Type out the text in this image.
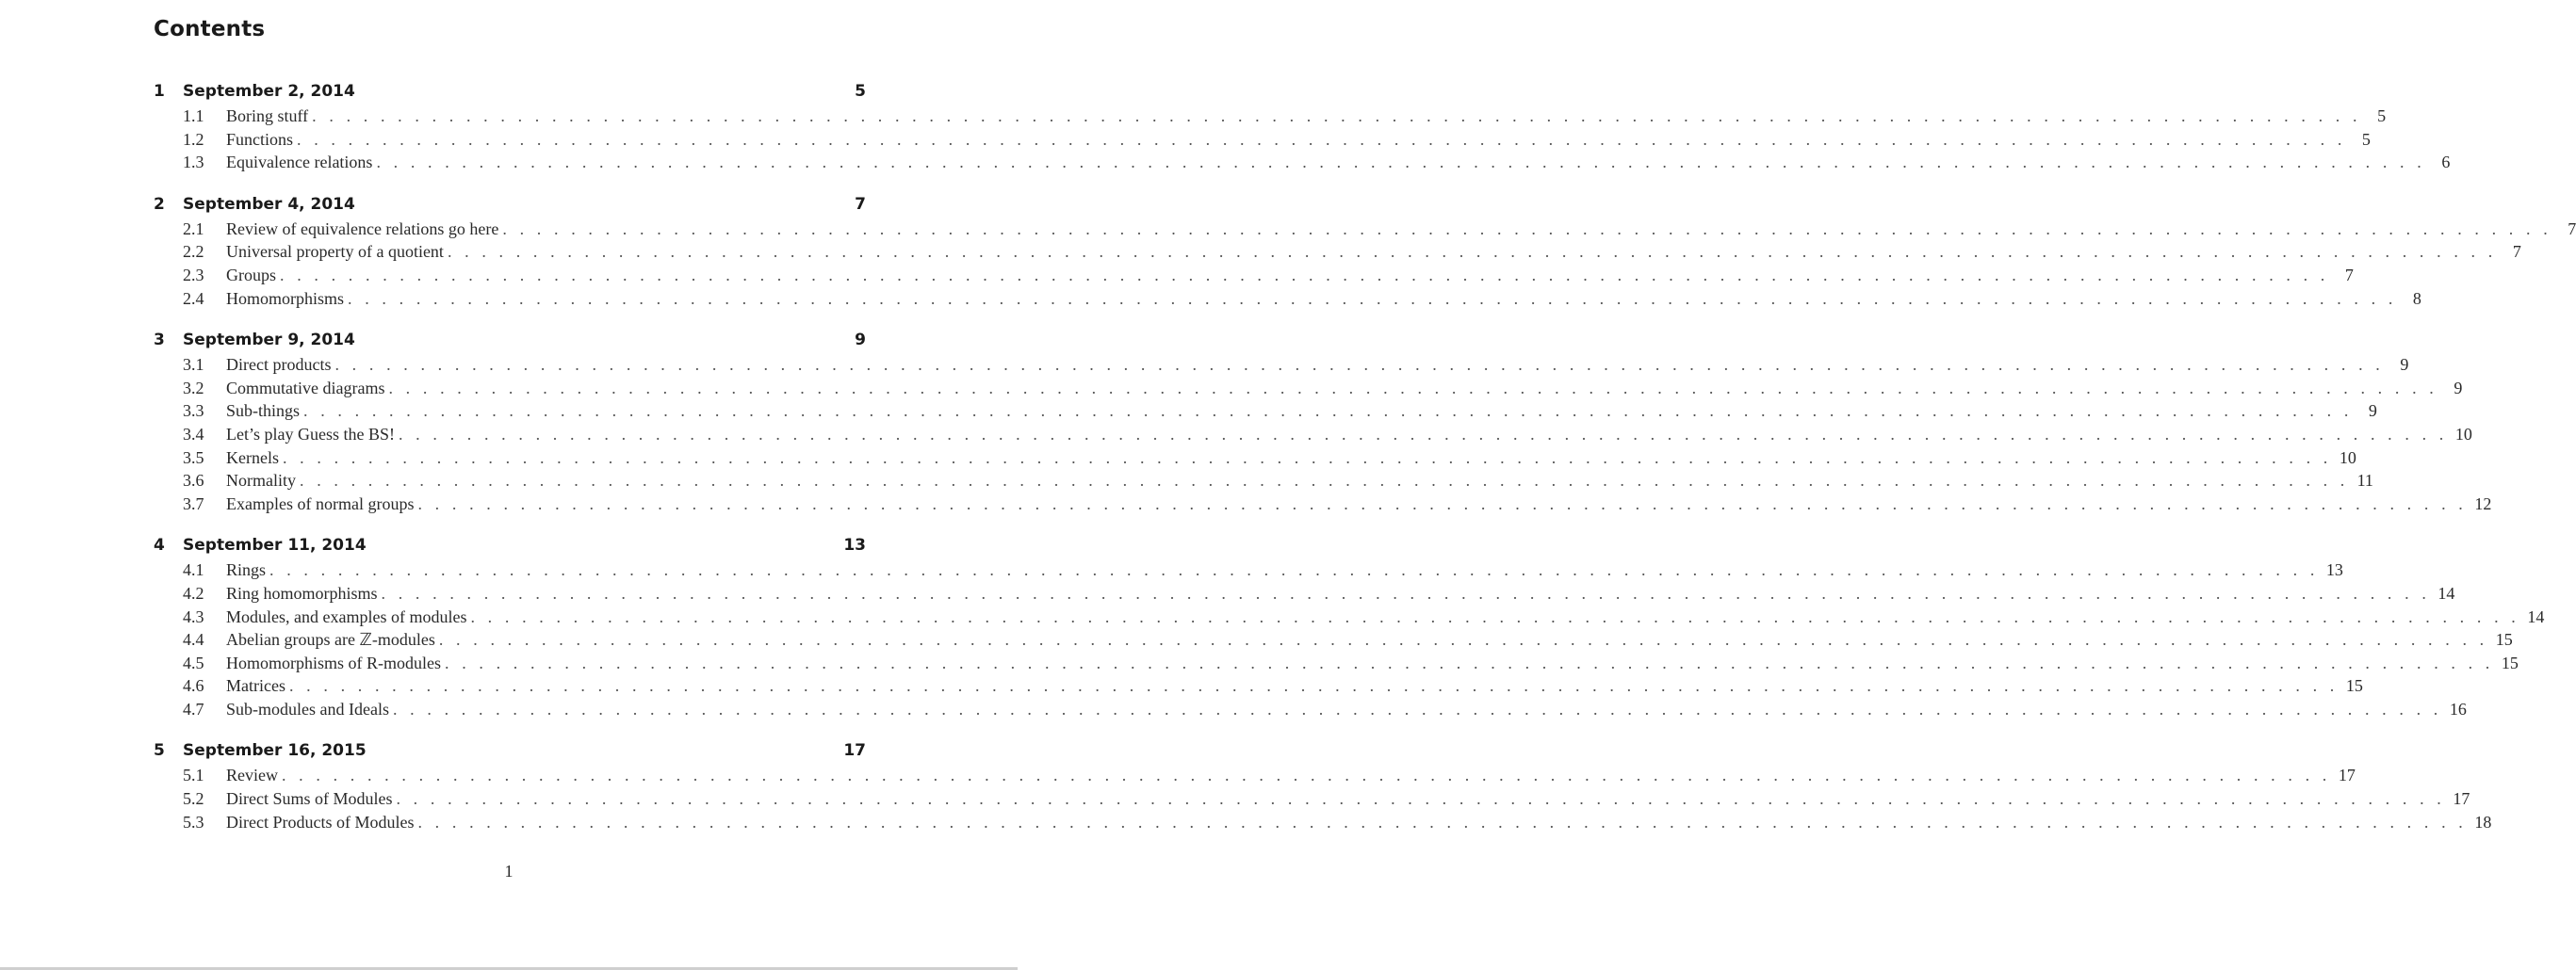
Contents
1	September 2, 2014	5
1.1	Boring stuff . . . . . . . . . . . . . . . . . . . . . . . . . . . . . . . . . . . . . . . . . . . . . . . . . . . . . . . . . . . . . . . . . . . . . . . . . . . . . . . . . . . . . . . . . . . . . . . . . . . . . . . . . . . . . . . . . . . . . . . . 5
1.2	Functions . . . . . . . . . . . . . . . . . . . . . . . . . . . . . . . . . . . . . . . . . . . . . . . . . . . . . . . . . . . . . . . . . . . . . . . . . . . . . . . . . . . . . . . . . . . . . . . . . . . . . . . . . . . . . . . . . . . . . . . . 5
1.3	Equivalence relations . . . . . . . . . . . . . . . . . . . . . . . . . . . . . . . . . . . . . . . . . . . . . . . . . . . . . . . . . . . . . . . . . . . . . . . . . . . . . . . . . . . . . . . . . . . . . . . . . . . . . . . . . . . . . . . . . . . . . . . . 6
2	September 4, 2014	7
2.1	Review of equivalence relations go here . . . . . . . . . . . . . . . . . . . . . . . . . . . . . . . . . . . . . . . . . . . . . . . . . . . . . . . . . . . . . . . . . . . . . . . . . . . . . . . . . . . . . . . . . . . . . . . . . . . . . . . . . . . . . . . . . . . . . . . . 7
2.2	Universal property of a quotient . . . . . . . . . . . . . . . . . . . . . . . . . . . . . . . . . . . . . . . . . . . . . . . . . . . . . . . . . . . . . . . . . . . . . . . . . . . . . . . . . . . . . . . . . . . . . . . . . . . . . . . . . . . . . . . . . . . . . . . . 7
2.3	Groups . . . . . . . . . . . . . . . . . . . . . . . . . . . . . . . . . . . . . . . . . . . . . . . . . . . . . . . . . . . . . . . . . . . . . . . . . . . . . . . . . . . . . . . . . . . . . . . . . . . . . . . . . . . . . . . . . . . . . . . . 7
2.4	Homomorphisms . . . . . . . . . . . . . . . . . . . . . . . . . . . . . . . . . . . . . . . . . . . . . . . . . . . . . . . . . . . . . . . . . . . . . . . . . . . . . . . . . . . . . . . . . . . . . . . . . . . . . . . . . . . . . . . . . . . . . . . . 8
3	September 9, 2014	9
3.1	Direct products . . . . . . . . . . . . . . . . . . . . . . . . . . . . . . . . . . . . . . . . . . . . . . . . . . . . . . . . . . . . . . . . . . . . . . . . . . . . . . . . . . . . . . . . . . . . . . . . . . . . . . . . . . . . . . . . . . . . . . . . 9
3.2	Commutative diagrams . . . . . . . . . . . . . . . . . . . . . . . . . . . . . . . . . . . . . . . . . . . . . . . . . . . . . . . . . . . . . . . . . . . . . . . . . . . . . . . . . . . . . . . . . . . . . . . . . . . . . . . . . . . . . . . . . . . . . . . . 9
3.3	Sub-things . . . . . . . . . . . . . . . . . . . . . . . . . . . . . . . . . . . . . . . . . . . . . . . . . . . . . . . . . . . . . . . . . . . . . . . . . . . . . . . . . . . . . . . . . . . . . . . . . . . . . . . . . . . . . . . . . . . . . . . . 9
3.4	Let’s play Guess the BS! . . . . . . . . . . . . . . . . . . . . . . . . . . . . . . . . . . . . . . . . . . . . . . . . . . . . . . . . . . . . . . . . . . . . . . . . . . . . . . . . . . . . . . . . . . . . . . . . . . . . . . . . . . . . . . . . . . . . . . . . 10
3.5	Kernels . . . . . . . . . . . . . . . . . . . . . . . . . . . . . . . . . . . . . . . . . . . . . . . . . . . . . . . . . . . . . . . . . . . . . . . . . . . . . . . . . . . . . . . . . . . . . . . . . . . . . . . . . . . . . . . . . . . . . . . . 10
3.6	Normality . . . . . . . . . . . . . . . . . . . . . . . . . . . . . . . . . . . . . . . . . . . . . . . . . . . . . . . . . . . . . . . . . . . . . . . . . . . . . . . . . . . . . . . . . . . . . . . . . . . . . . . . . . . . . . . . . . . . . . . . 11
3.7	Examples of normal groups . . . . . . . . . . . . . . . . . . . . . . . . . . . . . . . . . . . . . . . . . . . . . . . . . . . . . . . . . . . . . . . . . . . . . . . . . . . . . . . . . . . . . . . . . . . . . . . . . . . . . . . . . . . . . . . . . . . . . . . . 12
4	September 11, 2014	13
4.1	Rings . . . . . . . . . . . . . . . . . . . . . . . . . . . . . . . . . . . . . . . . . . . . . . . . . . . . . . . . . . . . . . . . . . . . . . . . . . . . . . . . . . . . . . . . . . . . . . . . . . . . . . . . . . . . . . . . . . . . . . . . 13
4.2	Ring homomorphisms . . . . . . . . . . . . . . . . . . . . . . . . . . . . . . . . . . . . . . . . . . . . . . . . . . . . . . . . . . . . . . . . . . . . . . . . . . . . . . . . . . . . . . . . . . . . . . . . . . . . . . . . . . . . . . . . . . . . . . . . 14
4.3	Modules, and examples of modules . . . . . . . . . . . . . . . . . . . . . . . . . . . . . . . . . . . . . . . . . . . . . . . . . . . . . . . . . . . . . . . . . . . . . . . . . . . . . . . . . . . . . . . . . . . . . . . . . . . . . . . . . . . . . . . . . . . . . . . . 14
4.4	Abelian groups are ℤ-modules . . . . . . . . . . . . . . . . . . . . . . . . . . . . . . . . . . . . . . . . . . . . . . . . . . . . . . . . . . . . . . . . . . . . . . . . . . . . . . . . . . . . . . . . . . . . . . . . . . . . . . . . . . . . . . . . . . . . . . . . 15
4.5	Homomorphisms of R-modules . . . . . . . . . . . . . . . . . . . . . . . . . . . . . . . . . . . . . . . . . . . . . . . . . . . . . . . . . . . . . . . . . . . . . . . . . . . . . . . . . . . . . . . . . . . . . . . . . . . . . . . . . . . . . . . . . . . . . . . . 15
4.6	Matrices . . . . . . . . . . . . . . . . . . . . . . . . . . . . . . . . . . . . . . . . . . . . . . . . . . . . . . . . . . . . . . . . . . . . . . . . . . . . . . . . . . . . . . . . . . . . . . . . . . . . . . . . . . . . . . . . . . . . . . . . 15
4.7	Sub-modules and Ideals . . . . . . . . . . . . . . . . . . . . . . . . . . . . . . . . . . . . . . . . . . . . . . . . . . . . . . . . . . . . . . . . . . . . . . . . . . . . . . . . . . . . . . . . . . . . . . . . . . . . . . . . . . . . . . . . . . . . . . . . 16
5	September 16, 2015	17
5.1	Review . . . . . . . . . . . . . . . . . . . . . . . . . . . . . . . . . . . . . . . . . . . . . . . . . . . . . . . . . . . . . . . . . . . . . . . . . . . . . . . . . . . . . . . . . . . . . . . . . . . . . . . . . . . . . . . . . . . . . . . . 17
5.2	Direct Sums of Modules . . . . . . . . . . . . . . . . . . . . . . . . . . . . . . . . . . . . . . . . . . . . . . . . . . . . . . . . . . . . . . . . . . . . . . . . . . . . . . . . . . . . . . . . . . . . . . . . . . . . . . . . . . . . . . . . . . . . . . . . 17
5.3	Direct Products of Modules . . . . . . . . . . . . . . . . . . . . . . . . . . . . . . . . . . . . . . . . . . . . . . . . . . . . . . . . . . . . . . . . . . . . . . . . . . . . . . . . . . . . . . . . . . . . . . . . . . . . . . . . . . . . . . . . . . . . . . . . 18
1
